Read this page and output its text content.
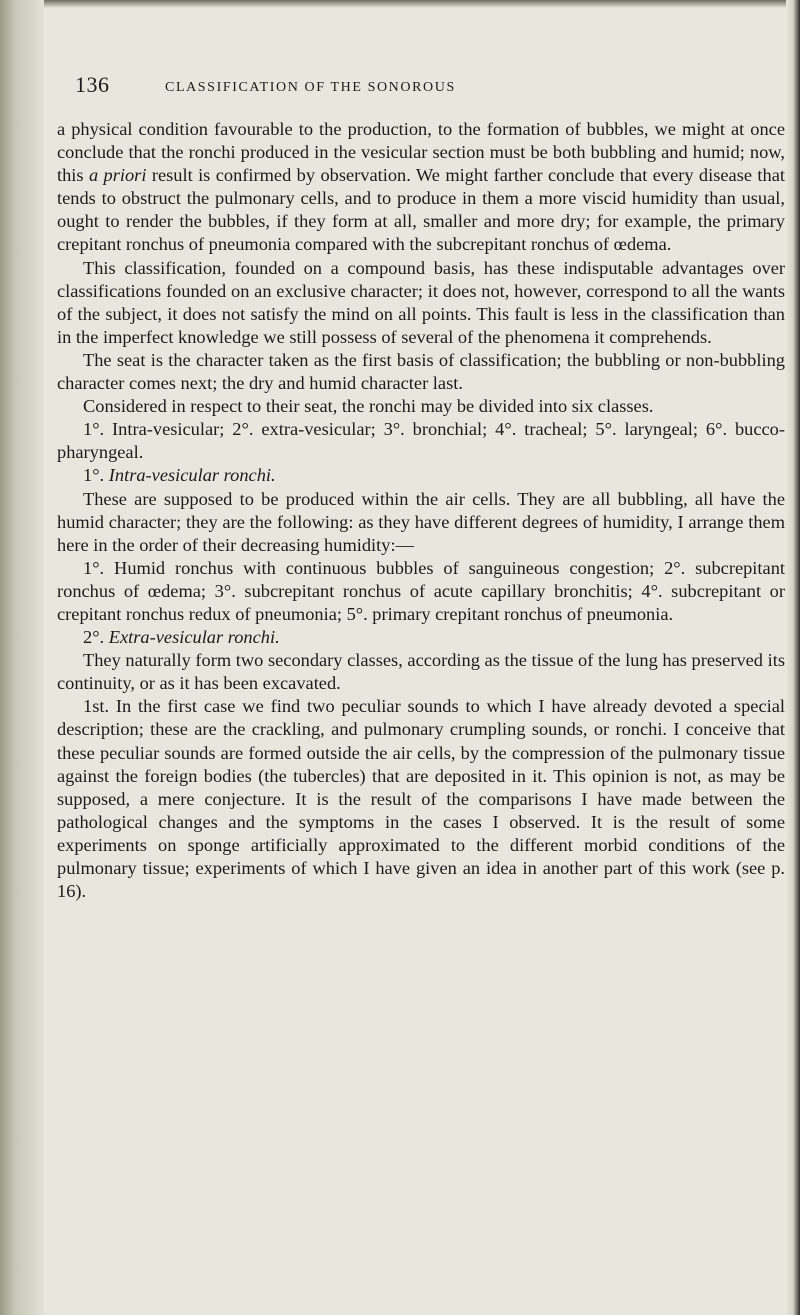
136	CLASSIFICATION OF THE SONOROUS

a physical condition favourable to the production, to the formation of bubbles, we might at once conclude that the ronchi produced in the vesicular section must be both bubbling and humid; now, this a priori result is confirmed by observation. We might farther conclude that every disease that tends to obstruct the pulmonary cells, and to produce in them a more viscid humidity than usual, ought to render the bubbles, if they form at all, smaller and more dry; for example, the primary crepitant ronchus of pneumonia compared with the subcrepitant ronchus of œdema.

This classification, founded on a compound basis, has these indisputable advantages over classifications founded on an exclusive character; it does not, however, correspond to all the wants of the subject, it does not satisfy the mind on all points. This fault is less in the classification than in the imperfect knowledge we still possess of several of the phenomena it comprehends.

The seat is the character taken as the first basis of classification; the bubbling or non-bubbling character comes next; the dry and humid character last.

Considered in respect to their seat, the ronchi may be divided into six classes.

1°. Intra-vesicular; 2°. extra-vesicular; 3°. bronchial; 4°. tracheal; 5°. laryngeal; 6°. bucco-pharyngeal.

1°. Intra-vesicular ronchi.

These are supposed to be produced within the air cells. They are all bubbling, all have the humid character; they are the following: as they have different degrees of humidity, I arrange them here in the order of their decreasing humidity:—

1°. Humid ronchus with continuous bubbles of sanguineous congestion; 2°. subcrepitant ronchus of œdema; 3°. subcrepitant ronchus of acute capillary bronchitis; 4°. subcrepitant or crepitant ronchus redux of pneumonia; 5°. primary crepitant ronchus of pneumonia.

2°. Extra-vesicular ronchi.

They naturally form two secondary classes, according as the tissue of the lung has preserved its continuity, or as it has been excavated.

1st. In the first case we find two peculiar sounds to which I have already devoted a special description; these are the crackling, and pulmonary crumpling sounds, or ronchi. I conceive that these peculiar sounds are formed outside the air cells, by the compression of the pulmonary tissue against the foreign bodies (the tubercles) that are deposited in it. This opinion is not, as may be supposed, a mere conjecture. It is the result of the comparisons I have made between the pathological changes and the symptoms in the cases I observed. It is the result of some experiments on sponge artificially approximated to the different morbid conditions of the pulmonary tissue; experiments of which I have given an idea in another part of this work (see p. 16).
